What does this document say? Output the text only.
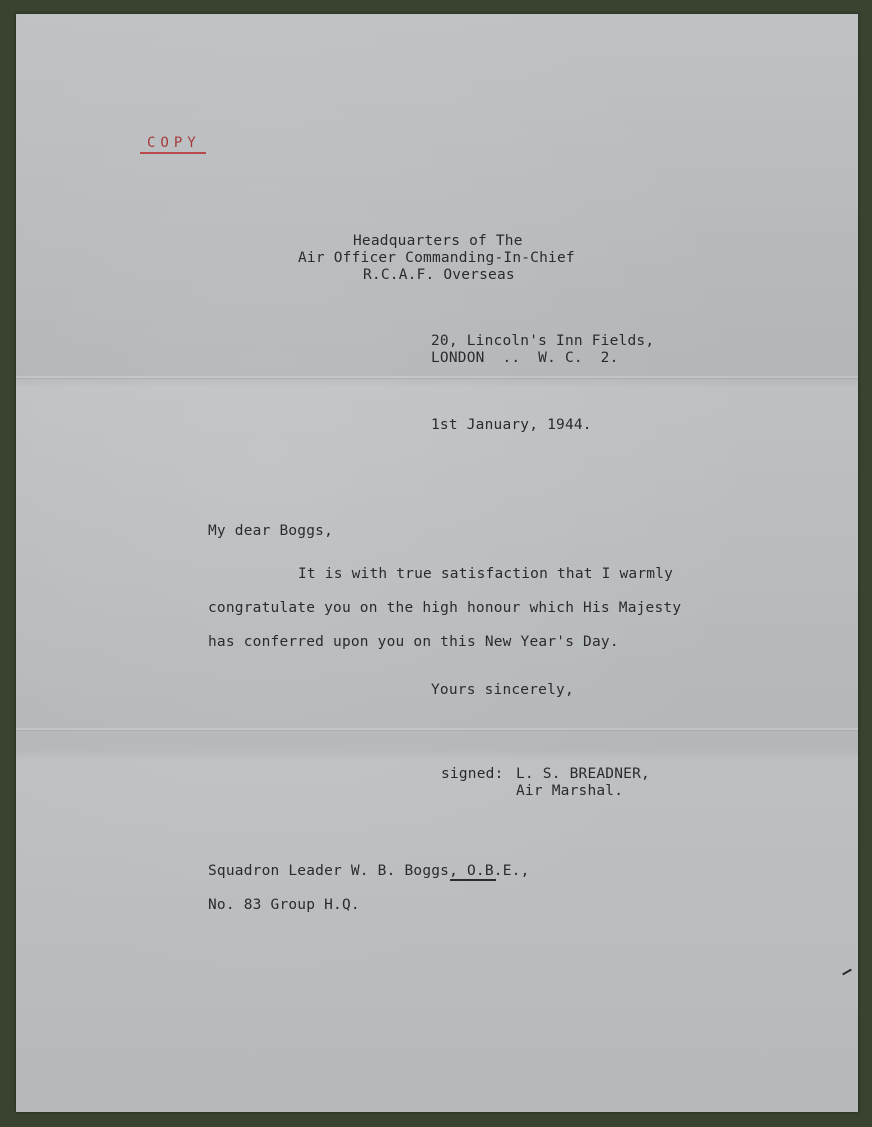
COPY
Headquarters of The
Air Officer Commanding-In-Chief
R.C.A.F. Overseas
20, Lincoln's Inn Fields,
LONDON  ..  W. C.  2.
1st January, 1944.
My dear Boggs,
It is with true satisfaction that I warmly
congratulate you on the high honour which His Majesty
has conferred upon you on this New Year's Day.
Yours sincerely,
signed: L. S. BREADNER,
Air Marshal.
Squadron Leader W. B. Boggs, O.B.E.,
No. 83 Group H.Q.
